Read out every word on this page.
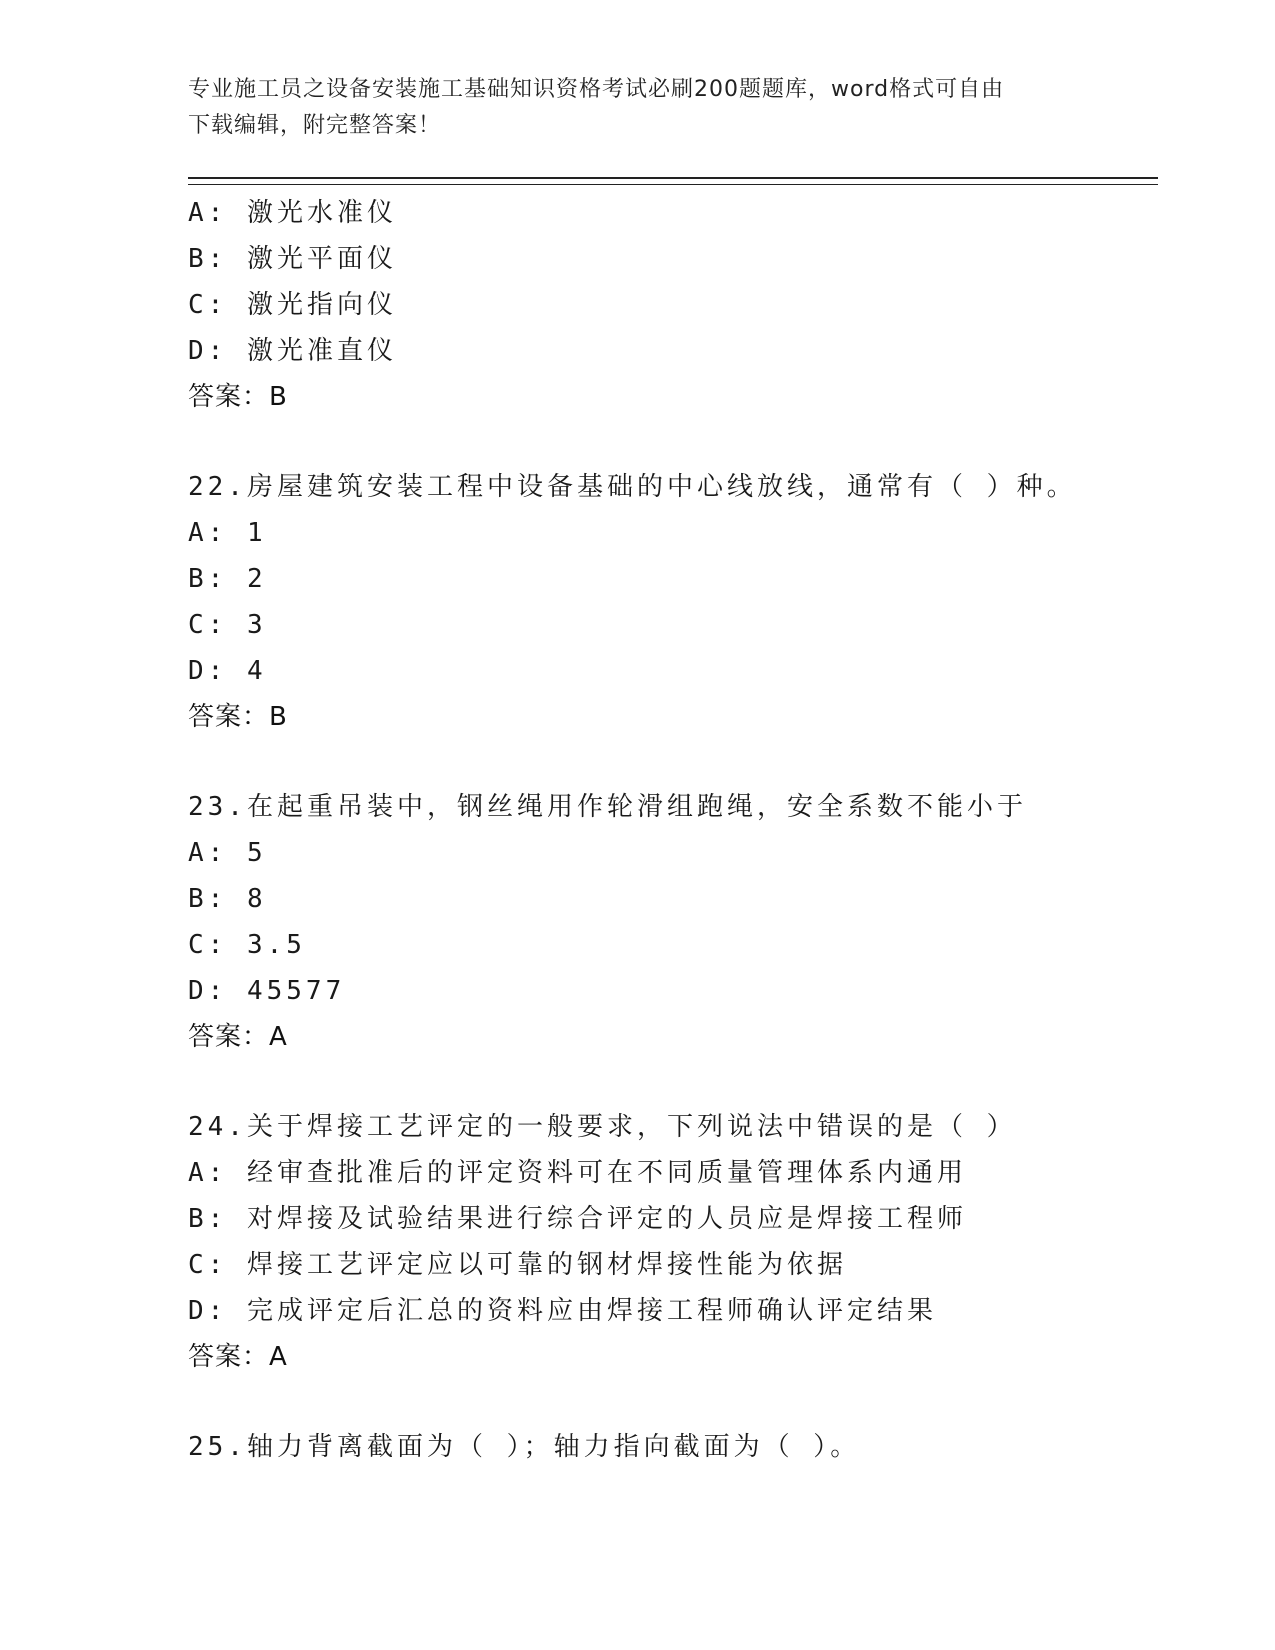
专业施工员之设备安装施工基础知识资格考试必刷200题题库，word格式可自由
下载编辑，附完整答案！
A: 激光水准仪
B: 激光平面仪
C: 激光指向仪
D: 激光准直仪
答案：B
22.房屋建筑安装工程中设备基础的中心线放线，通常有（ ）种。
A: 1
B: 2
C: 3
D: 4
答案：B
23.在起重吊装中，钢丝绳用作轮滑组跑绳，安全系数不能小于
A: 5
B: 8
C: 3.5
D: 45577
答案：A
24.关于焊接工艺评定的一般要求，下列说法中错误的是（ ）
A: 经审查批准后的评定资料可在不同质量管理体系内通用
B: 对焊接及试验结果进行综合评定的人员应是焊接工程师
C: 焊接工艺评定应以可靠的钢材焊接性能为依据
D: 完成评定后汇总的资料应由焊接工程师确认评定结果
答案：A
25.轴力背离截面为（ ）；轴力指向截面为（ ）。
